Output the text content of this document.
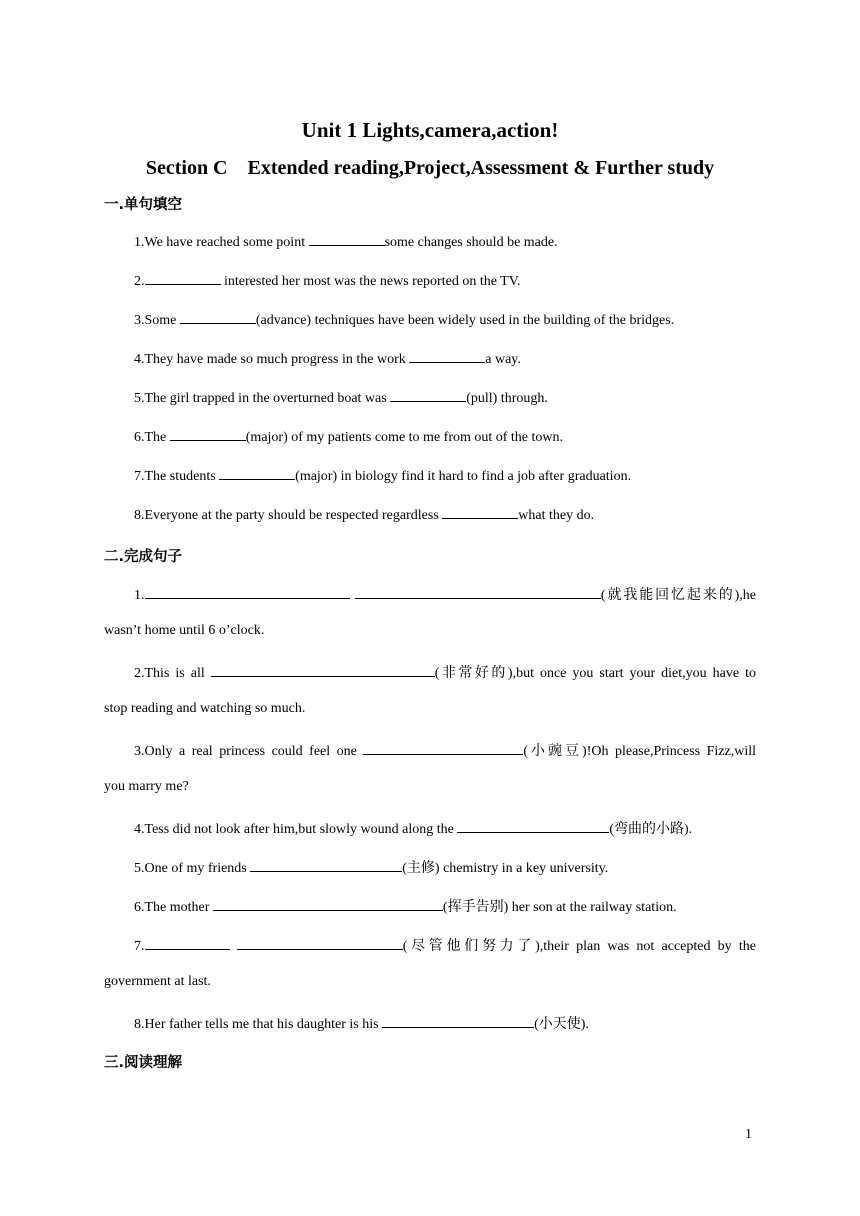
Unit 1 Lights,camera,action!
Section C    Extended reading,Project,Assessment & Further study
一.单句填空
1.We have reached some point	some changes should be made.
2.	interested her most was the news reported on the TV.
3.Some	(advance) techniques have been widely used in the building of the bridges.
4.They have made so much progress in the work	a way.
5.The girl trapped in the overturned boat was	(pull) through.
6.The	(major) of my patients come to me from out of the town.
7.The students	(major) in biology find it hard to find a job after graduation.
8.Everyone at the party should be respected regardless	what they do.
二.完成句子
1.	(就我能回忆起来的),he
wasn’t home until 6 o’clock.
2.This is all	(非常好的),but once you start your diet,you have to
stop reading and watching so much.
3.Only a real princess could feel one	(小豌豆)!Oh please,Princess Fizz,will
you marry me?
4.Tess did not look after him,but slowly wound along the	(弯曲的小路).
5.One of my friends	(主修) chemistry in a key university.
6.The mother	(挥手告别) her son at the railway station.
7.	(尽管他们努力了),their plan was not accepted by the
government at last.
8.Her father tells me that his daughter is his	(小天使).
三.阅读理解
1
